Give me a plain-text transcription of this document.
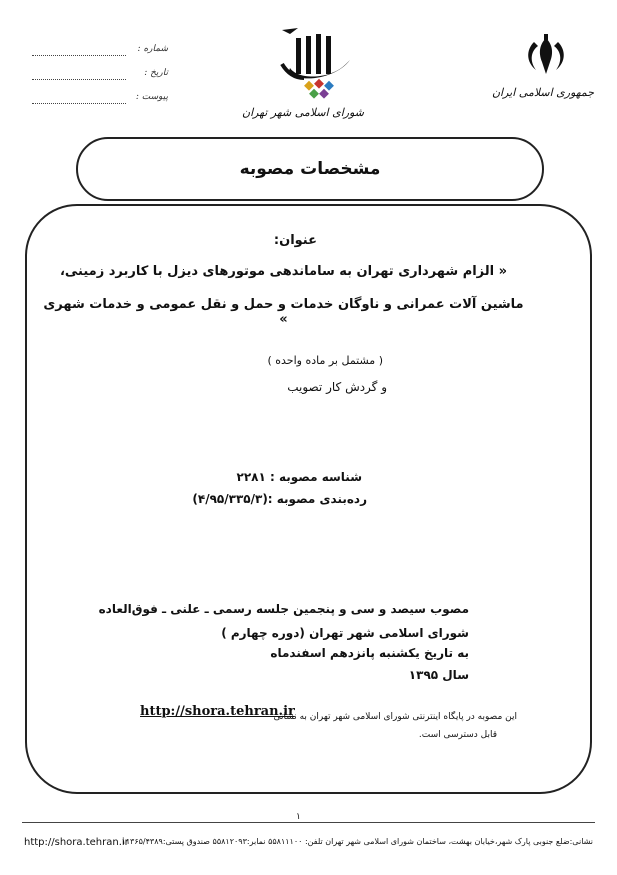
جمهوری اسلامی ایران
شورای اسلامی شهر تهران
شماره :
تاریخ :
پیوست :
مشخصات مصوبه
عنوان:
« الزام شهرداری تهران به ساماندهی موتورهای دیزل با کاربرد زمینی،
ماشین آلات عمرانی و ناوگان خدمات و حمل و نقل عمومی و خدمات شهری »
( مشتمل بر ماده واحده )
و گردش کار تصویب
شناسه مصوبه : ۲۲۸۱
رده‌بندی مصوبه :(۴/۹۵/۳۳۵/۳)
مصوب سیصد و سی و پنجمین جلسه رسمی ـ علنی ـ فوق‌العاده
شورای اسلامی شهر تهران (دوره چهارم )
به تاریخ یکشنبه پانزدهم اسفندماه
سال ۱۳۹۵
این مصوبه در پایگاه اینترنتی شورای اسلامی شهر تهران به نشانی
http://shora.tehran.ir
قابل دسترسی است.
۱
http://shora.tehran.ir
نشانی:ضلع جنوبی پارک شهر،خیابان بهشت، ساختمان شورای اسلامی شهر تهران تلفن: ۵۵۸۱۱۱۰۰ نمابر:۵۵۸۱۲۰۹۳ صندوق پستی:۱۱۳۶۵/۴۳۸۹
